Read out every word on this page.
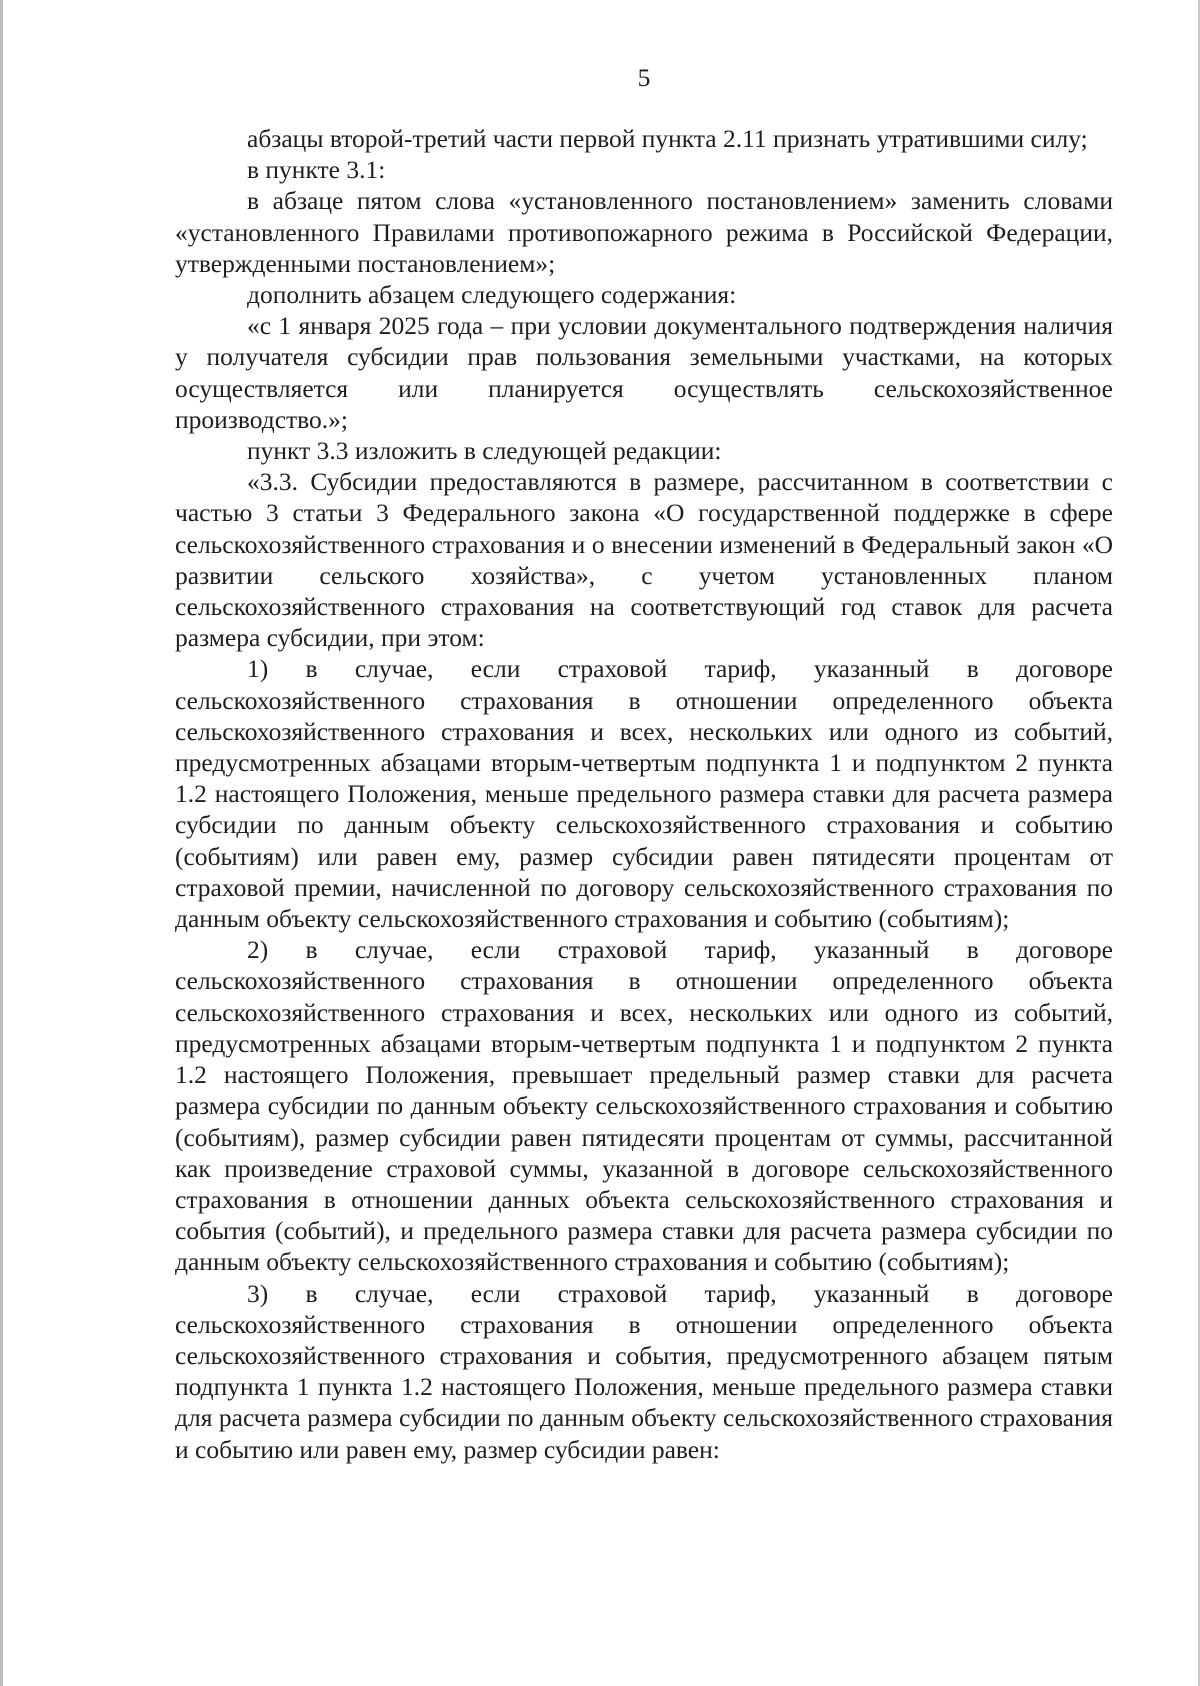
5

абзацы второй-третий части первой пункта 2.11 признать утратившими силу;

в пункте 3.1:

в абзаце пятом слова «установленного постановлением» заменить словами «установленного Правилами противопожарного режима в Российской Федерации, утвержденными постановлением»;

дополнить абзацем следующего содержания:

«с 1 января 2025 года – при условии документального подтверждения наличия у получателя субсидии прав пользования земельными участками, на которых осуществляется или планируется осуществлять сельскохозяйственное производство.»;

пункт 3.3 изложить в следующей редакции:

«3.3. Субсидии предоставляются в размере, рассчитанном в соответствии с частью 3 статьи 3 Федерального закона «О государственной поддержке в сфере сельскохозяйственного страхования и о внесении изменений в Федеральный закон «О развитии сельского хозяйства», с учетом установленных планом сельскохозяйственного страхования на соответствующий год ставок для расчета размера субсидии, при этом:

1) в случае, если страховой тариф, указанный в договоре сельскохозяйственного страхования в отношении определенного объекта сельскохозяйственного страхования и всех, нескольких или одного из событий, предусмотренных абзацами вторым-четвертым подпункта 1 и подпунктом 2 пункта 1.2 настоящего Положения, меньше предельного размера ставки для расчета размера субсидии по данным объекту сельскохозяйственного страхования и событию (событиям) или равен ему, размер субсидии равен пятидесяти процентам от страховой премии, начисленной по договору сельскохозяйственного страхования по данным объекту сельскохозяйственного страхования и событию (событиям);

2) в случае, если страховой тариф, указанный в договоре сельскохозяйственного страхования в отношении определенного объекта сельскохозяйственного страхования и всех, нескольких или одного из событий, предусмотренных абзацами вторым-четвертым подпункта 1 и подпунктом 2 пункта 1.2 настоящего Положения, превышает предельный размер ставки для расчета размера субсидии по данным объекту сельскохозяйственного страхования и событию (событиям), размер субсидии равен пятидесяти процентам от суммы, рассчитанной как произведение страховой суммы, указанной в договоре сельскохозяйственного страхования в отношении данных объекта сельскохозяйственного страхования и события (событий), и предельного размера ставки для расчета размера субсидии по данным объекту сельскохозяйственного страхования и событию (событиям);

3) в случае, если страховой тариф, указанный в договоре сельскохозяйственного страхования в отношении определенного объекта сельскохозяйственного страхования и события, предусмотренного абзацем пятым подпункта 1 пункта 1.2 настоящего Положения, меньше предельного размера ставки для расчета размера субсидии по данным объекту сельскохозяйственного страхования и событию или равен ему, размер субсидии равен:
